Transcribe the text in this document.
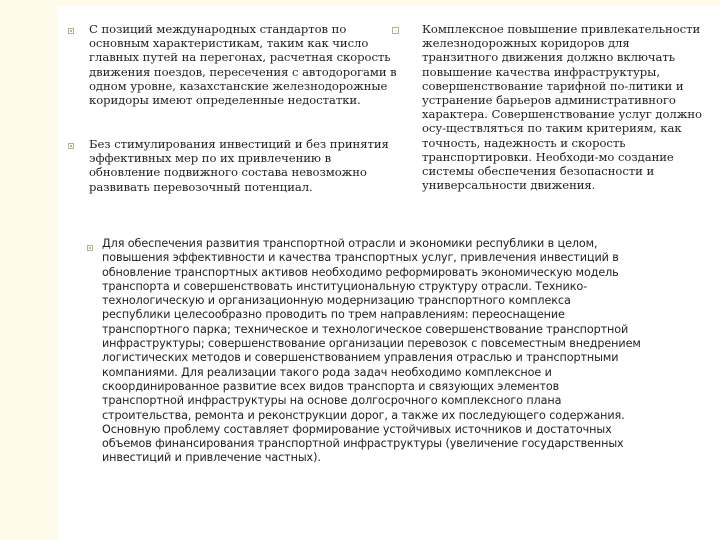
С позиций международных стандартов по
основным характеристикам, таким как число
главных путей на перегонах, расчетная скорость
движения поездов, пересечения с автодорогами в
одном уровне, казахстанские железнодорожные
коридоры имеют определенные недостатки.

Без стимулирования инвестиций и без принятия
эффективных мер по их привлечению в
обновление подвижного состава невозможно
развивать перевозочный потенциал.

Комплексное повышение привлекательности
железнодорожных коридоров для
транзитного движения должно включать
повышение качества инфраструктуры,
совершенствование тарифной по-литики и
устранение барьеров административного
характера. Совершенствование услуг должно
осу-ществляться по таким критериям, как
точность, надежность и скорость
транспортировки. Необходи-мо создание
системы обеспечения безопасности и
универсальности движения.

Для обеспечения развития транспортной отрасли и экономики республики в целом,
повышения эффективности и качества транспортных услуг, привлечения инвестиций в
обновление транспортных активов необходимо реформировать экономическую модель
транспорта и совершенствовать институциональную структуру отрасли. Технико-
технологическую и организационную модернизацию транспортного комплекса
республики целесообразно проводить по трем направлениям: переоснащение
транспортного парка; техническое и технологическое совершенствование транспортной
инфраструктуры; совершенствование организации перевозок с повсеместным внедрением
логистических методов и совершенствованием управления отраслью и транспортными
компаниями. Для реализации такого рода задач необходимо комплексное и
скоординированное развитие всех видов транспорта и связующих элементов
транспортной инфраструктуры на основе долгосрочного комплексного плана
строительства, ремонта и реконструкции дорог, а также их последующего содержания.
Основную проблему составляет формирование устойчивых источников и достаточных
объемов финансирования транспортной инфраструктуры (увеличение государственных
инвестиций и привлечение частных).
